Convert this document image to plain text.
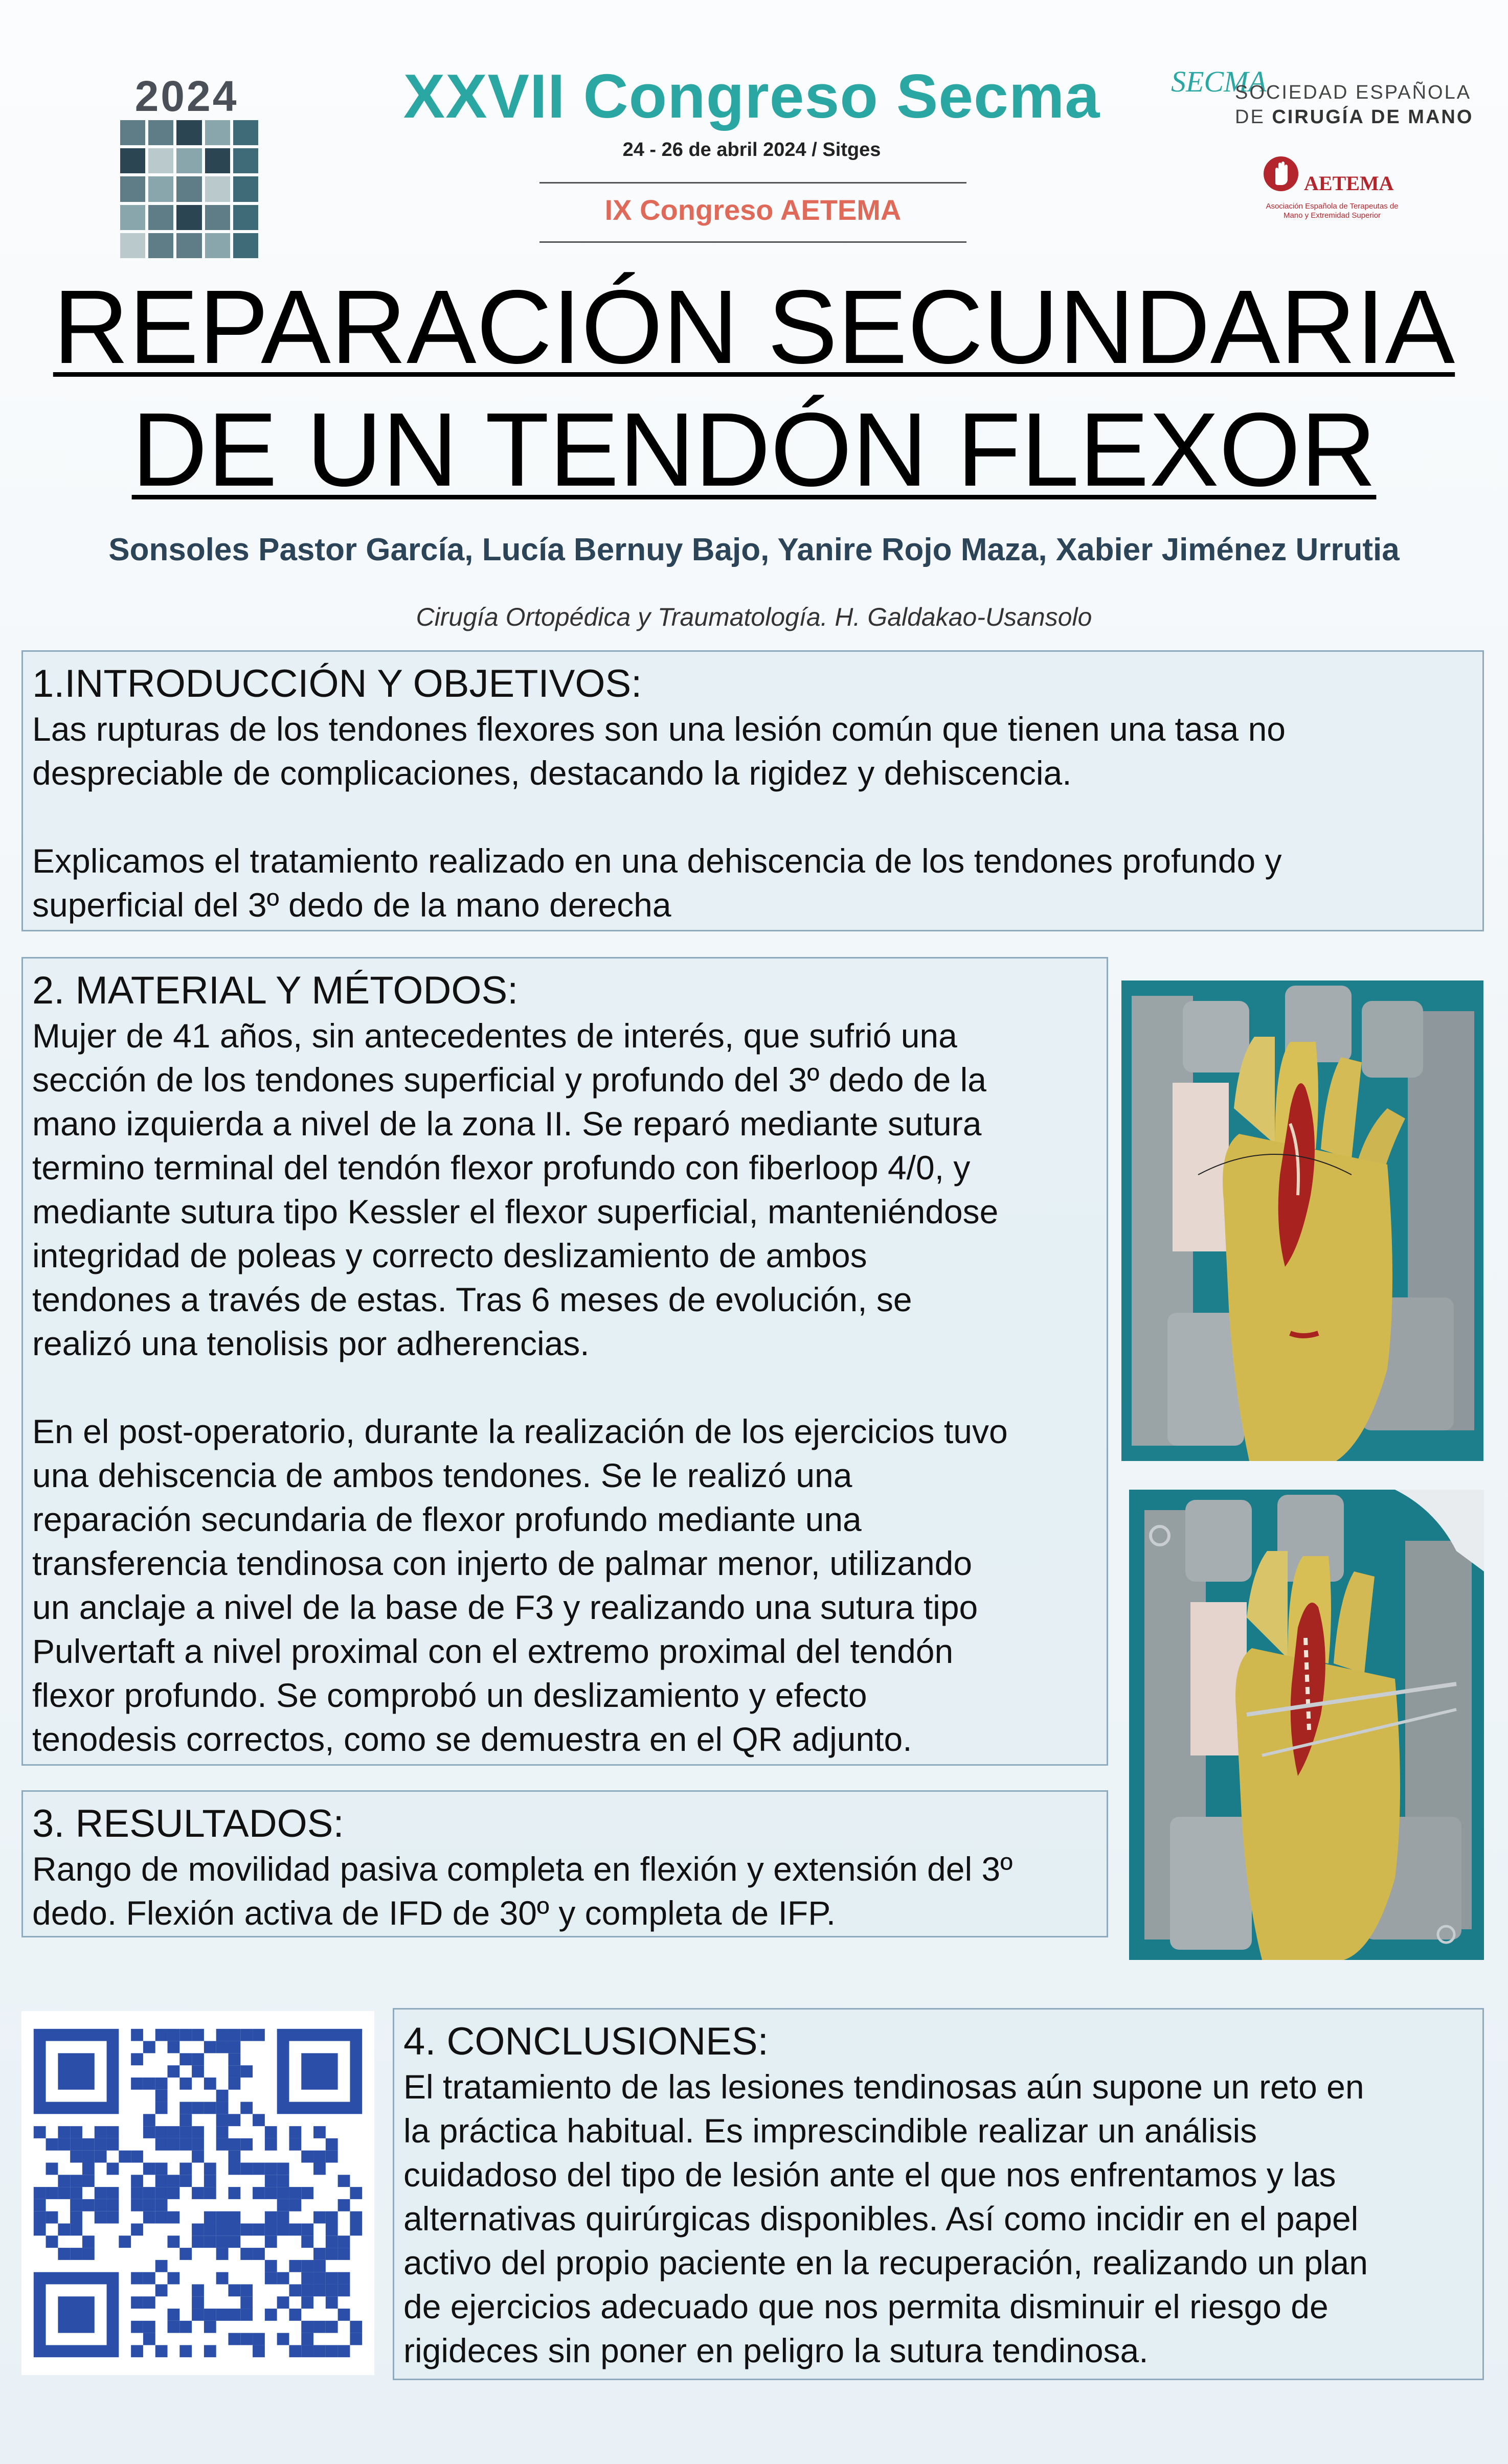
2024	XXVII Congreso Secma
24 - 26 de abril 2024 / Sitges
IX Congreso AETEMA
SECMA
SOCIEDAD ESPAÑOLA
DE CIRUGÍA DE MANO
AETEMA
Asociación Española de Terapeutas de Mano y Extremidad Superior
REPARACIÓN SECUNDARIA
DE UN TENDÓN FLEXOR
Sonsoles Pastor García, Lucía Bernuy Bajo, Yanire Rojo Maza, Xabier Jiménez Urrutia
Cirugía Ortopédica y Traumatología. H. Galdakao-Usansolo
1.INTRODUCCIÓN Y OBJETIVOS:

Las rupturas de los tendones flexores son una lesión común que tienen una tasa no
despreciable de complicaciones, destacando la rigidez y dehiscencia.

Explicamos el tratamiento realizado en una dehiscencia de los tendones profundo y
superficial del 3º dedo de la mano derecha

2. MATERIAL Y MÉTODOS:

Mujer de 41 años, sin antecedentes de interés, que sufrió una
sección de los tendones superficial y profundo del 3º dedo de la
mano izquierda a nivel de la zona II. Se reparó mediante sutura
termino terminal del tendón flexor profundo con fiberloop 4/0, y
mediante sutura tipo Kessler el flexor superficial, manteniéndose
integridad de poleas y correcto deslizamiento de ambos
tendones a través de estas. Tras 6 meses de evolución, se
realizó una tenolisis por adherencias.

En el post-operatorio, durante la realización de los ejercicios tuvo
una dehiscencia de ambos tendones. Se le realizó una
reparación secundaria de flexor profundo mediante una
transferencia tendinosa con injerto de palmar menor, utilizando
un anclaje a nivel de la base de F3 y realizando una sutura tipo
Pulvertaft a nivel proximal con el extremo proximal del tendón
flexor profundo. Se comprobó un deslizamiento y efecto
tenodesis correctos, como se demuestra en el QR adjunto.

3. RESULTADOS:

Rango de movilidad pasiva completa en flexión y extensión del 3º
dedo. Flexión activa de IFD de 30º y completa de IFP.

4. CONCLUSIONES:

El tratamiento de las lesiones tendinosas aún supone un reto en
la práctica habitual. Es imprescindible realizar un análisis
cuidadoso del tipo de lesión ante el que nos enfrentamos y las
alternativas quirúrgicas disponibles. Así como incidir en el papel
activo del propio paciente en la recuperación, realizando un plan
de ejercicios adecuado que nos permita disminuir el riesgo de
rigideces sin poner en peligro la sutura tendinosa.
